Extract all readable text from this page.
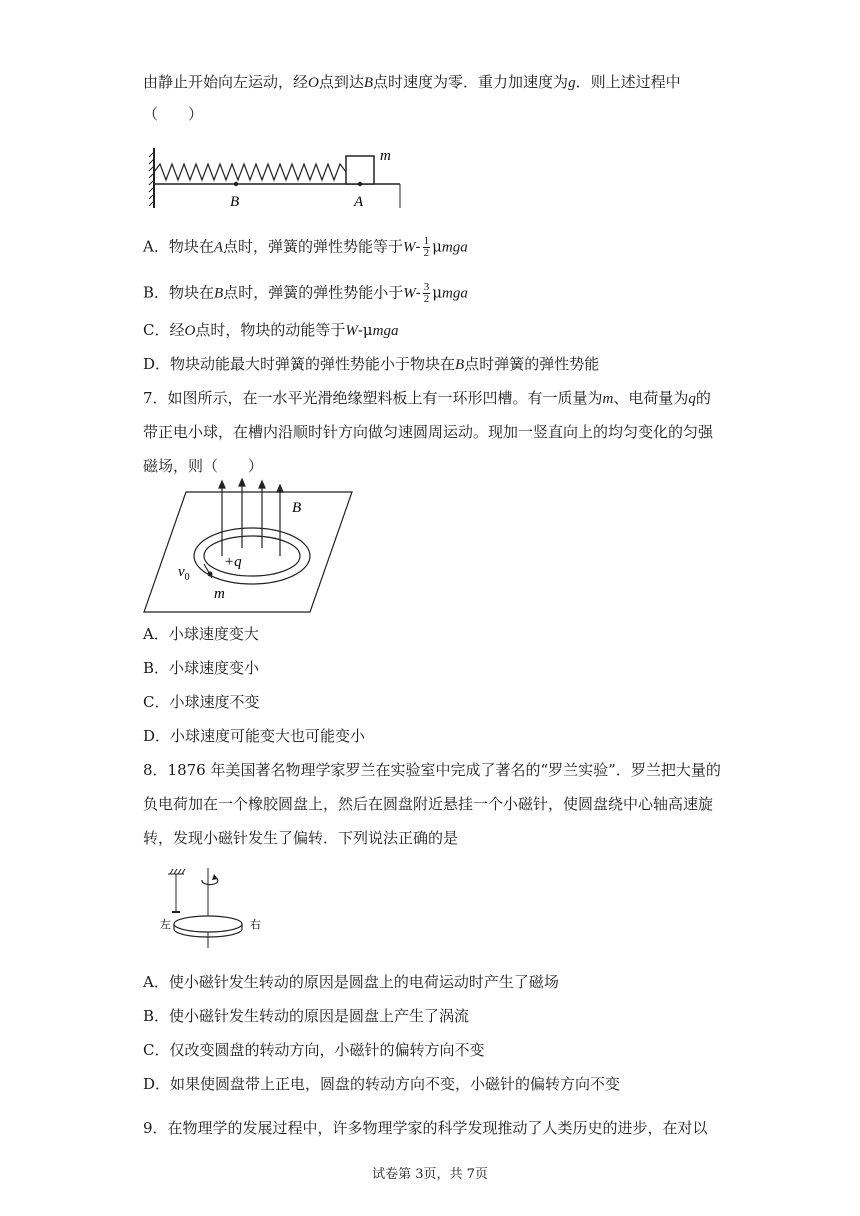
由静止开始向左运动，经O点到达B点时速度为零．重力加速度为g．则上述过程中
（　　）
m
B	A
A．物块在A点时，弹簧的弹性势能等于$W- \frac{1}{2}$ μmga
B．物块在B点时，弹簧的弹性势能小于$W- \frac{3}{2}$ μmga
C．经O点时，物块的动能等于W-μmga
D．物块动能最大时弹簧的弹性势能小于物块在B点时弹簧的弹性势能
7．如图所示，在一水平光滑绝缘塑料板上有一环形凹槽。有一质量为m、电荷量为q的
带正电小球，在槽内沿顺时针方向做匀速圆周运动。现加一竖直向上的均匀变化的匀强
磁场，则（　　）
B
+q
$v_0$
m
A．小球速度变大
B．小球速度变小
C．小球速度不变
D．小球速度可能变大也可能变小
8．1876 年美国著名物理学家罗兰在实验室中完成了著名的“罗兰实验”．罗兰把大量的
负电荷加在一个橡胶圆盘上，然后在圆盘附近悬挂一个小磁针，使圆盘绕中心轴高速旋
转，发现小磁针发生了偏转．下列说法正确的是
左	右
A．使小磁针发生转动的原因是圆盘上的电荷运动时产生了磁场
B．使小磁针发生转动的原因是圆盘上产生了涡流
C．仅改变圆盘的转动方向，小磁针的偏转方向不变
D．如果使圆盘带上正电，圆盘的转动方向不变，小磁针的偏转方向不变
9．在物理学的发展过程中，许多物理学家的科学发现推动了人类历史的进步，在对以
试卷第 3页，共 7页
